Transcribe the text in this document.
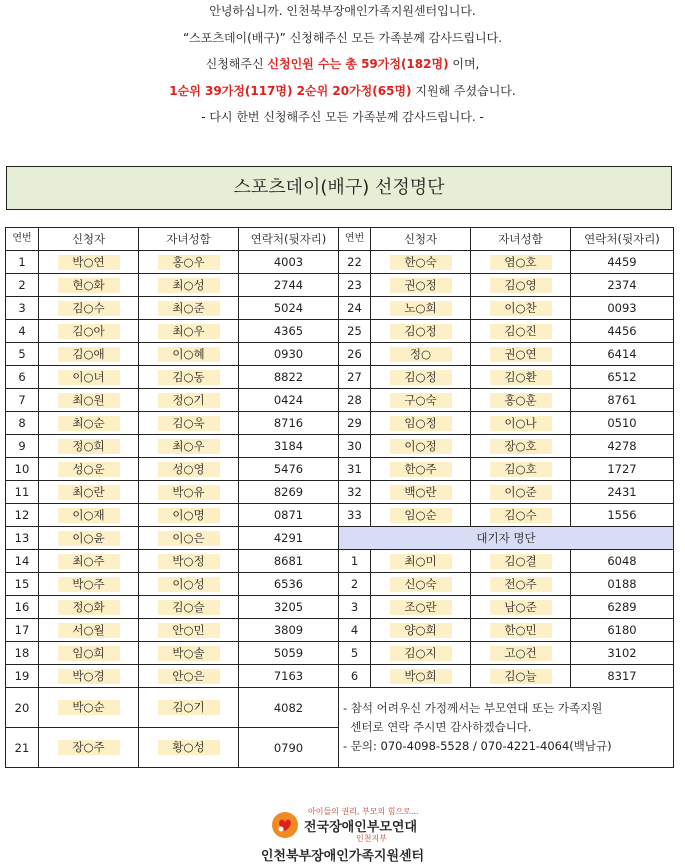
안녕하십니까. 인천북부장애인가족지원센터입니다.

“스포츠데이(배구)” 신청해주신 모든 가족분께 감사드립니다.

신청해주신 신청인원 수는 총 59가정(182명) 이며,

1순위 39가정(117명) 2순위 20가정(65명) 지원해 주셨습니다.

- 다시 한번 신청해주신 모든 가족분께 감사드립니다. -

스포츠데이(배구) 선정명단
연번	신청자	자녀성함	연락처(뒷자리)	연번	신청자	자녀성함	연락처(뒷자리)
1	박○연	홍○우	4003	22	한○숙	염○호	4459
2	현○화	최○성	2744	23	권○정	김○영	2374
3	김○수	최○준	5024	24	노○희	이○찬	0093
4	김○아	최○우	4365	25	김○정	김○진	4456
5	김○애	이○혜	0930	26	정○	권○연	6414
6	이○녀	김○동	8822	27	김○정	김○환	6512
7	최○원	정○기	0424	28	구○숙	홍○훈	8761
8	최○순	김○욱	8716	29	임○정	이○나	0510
9	정○희	최○우	3184	30	이○정	장○호	4278
10	성○운	성○영	5476	31	한○주	김○호	1727
11	최○란	박○유	8269	32	백○란	이○준	2431
12	이○재	이○명	0871	33	임○순	김○수	1556
13	이○윤	이○은	4291	대기자 명단			
14	최○주	박○정	8681	1	최○미	김○결	6048
15	박○주	이○성	6536	2	신○숙	전○주	0188
16	정○화	김○슬	3205	3	조○란	남○준	6289
17	서○월	안○민	3809	4	양○희	한○민	6180
18	임○희	박○솔	5059	5	김○지	고○건	3102
19	박○경	안○은	7163	6	박○희	김○늘	8317
20	박○순	김○기	4082	- 참석 어려우신 가정께서는 부모연대 또는 가족지원
센터로 연락 주시면 감사하겠습니다.
- 문의: 070-4098-5528 / 070-4221-4064(백남규)			

21	장○주	황○성	0790				
아이들의 권리, 부모의 힘으로...
전국장애인부모연대
인천지부
인천북부장애인가족지원센터
